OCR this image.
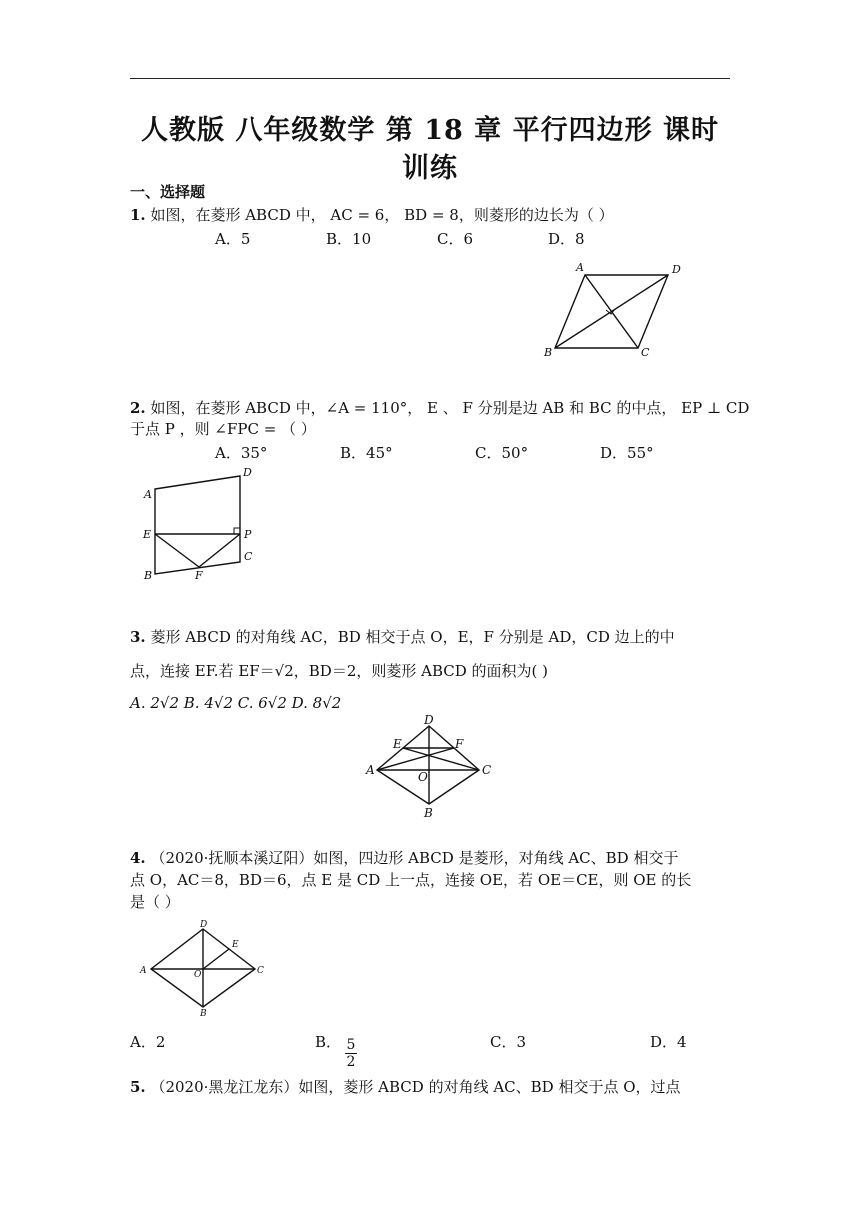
人教版 八年级数学 第 18 章 平行四边形 课时
训练
一、选择题
1. 如图，在菱形 ABCD 中， AC = 6， BD = 8，则菱形的边长为（ ）
A．5	B．10	C．6	D．8
A	D
B	C
2. 如图，在菱形 ABCD 中，∠A = 110°， E 、 F 分别是边 AB 和 BC 的中点， EP ⊥ CD
于点 P ，则 ∠FPC = （ ）
A．35°	B．45°	C．50°	D．55°
D
A
E	P
C
B	F
3. 菱形 ABCD 的对角线 AC，BD 相交于点 O，E，F 分别是 AD，CD 边上的中
点，连接 EF.若 EF＝√2，BD＝2，则菱形 ABCD 的面积为( )
A. 2√2 B. 4√2 C. 6√2 D. 8√2
D
E	F
A	O	C
B
4. （2020·抚顺本溪辽阳）如图，四边形 ABCD 是菱形，对角线 AC、BD 相交于
点 O，AC＝8，BD＝6，点 E 是 CD 上一点，连接 OE，若 OE＝CE，则 OE 的长
是（ ）
D
E
A	O	C
B
A．2	B． 5
2
C．3	D．4
5. （2020·黑龙江龙东）如图，菱形 ABCD 的对角线 AC、BD 相交于点 O，过点
